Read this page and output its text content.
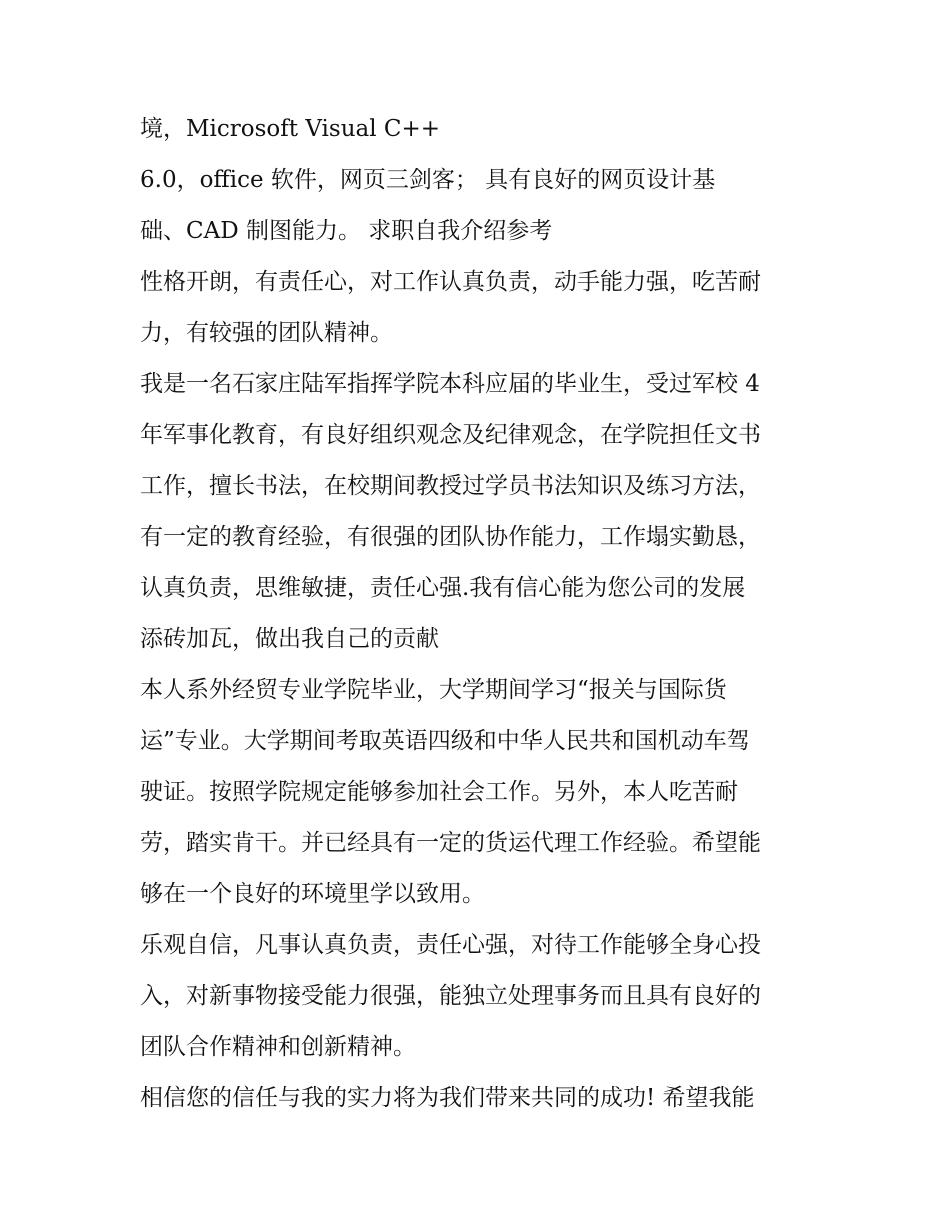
境，Microsoft Visual C++
6.0，office 软件，网页三剑客； 具有良好的网页设计基
础、CAD 制图能力。 求职自我介绍参考
性格开朗，有责任心，对工作认真负责，动手能力强，吃苦耐
力，有较强的团队精神。
我是一名石家庄陆军指挥学院本科应届的毕业生，受过军校 4
年军事化教育，有良好组织观念及纪律观念，在学院担任文书
工作，擅长书法，在校期间教授过学员书法知识及练习方法，
有一定的教育经验，有很强的团队协作能力，工作塌实勤恳，
认真负责，思维敏捷，责任心强.我有信心能为您公司的发展
添砖加瓦，做出我自己的贡献
本人系外经贸专业学院毕业，大学期间学习“报关与国际货
运”专业。大学期间考取英语四级和中华人民共和国机动车驾
驶证。按照学院规定能够参加社会工作。另外，本人吃苦耐
劳，踏实肯干。并已经具有一定的货运代理工作经验。希望能
够在一个良好的环境里学以致用。
乐观自信，凡事认真负责，责任心强，对待工作能够全身心投
入，对新事物接受能力很强，能独立处理事务而且具有良好的
团队合作精神和创新精神。
相信您的信任与我的实力将为我们带来共同的成功! 希望我能
